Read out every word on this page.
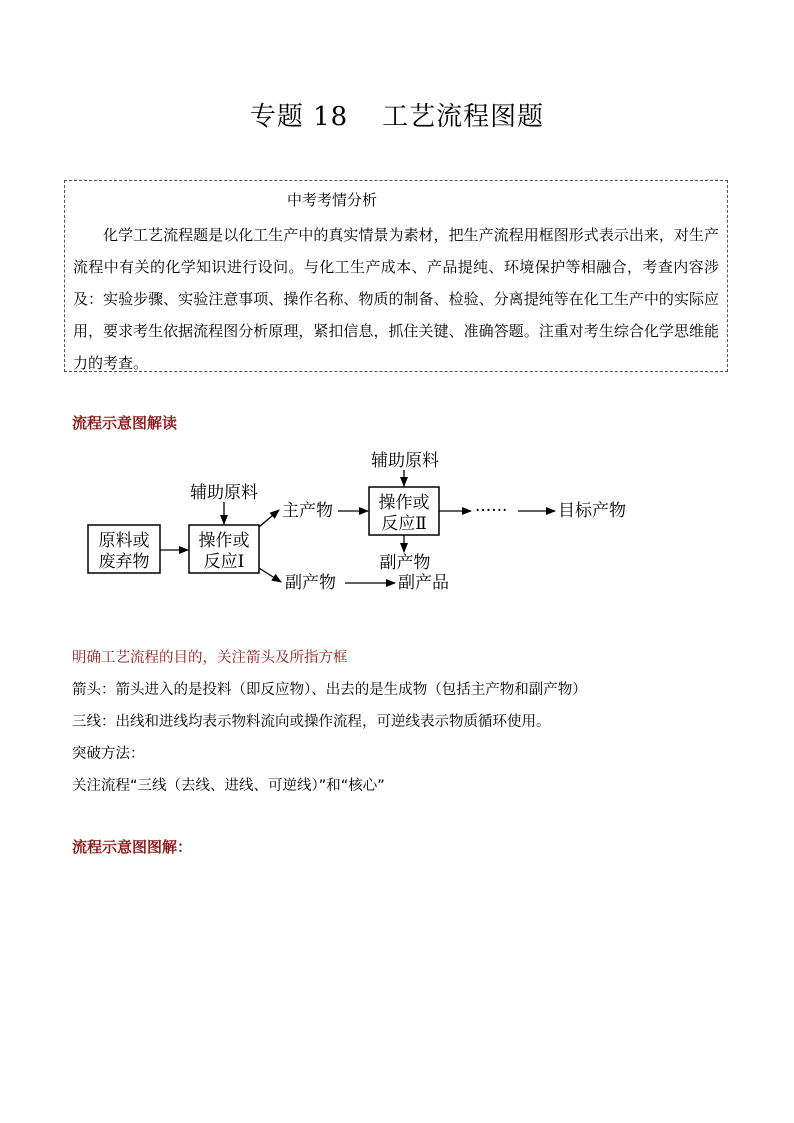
专题 18 工艺流程图题
中考考情分析
化学工艺流程题是以化工生产中的真实情景为素材，把生产流程用框图形式表示出来，对生产流程中有关的化学知识进行设问。与化工生产成本、产品提纯、环境保护等相融合，考查内容涉及：实验步骤、实验注意事项、操作名称、物质的制备、检验、分离提纯等在化工生产中的实际应用，要求考生依据流程图分析原理，紧扣信息，抓住关键、准确答题。注重对考生综合化学思维能力的考查。
流程示意图解读
原料或
废弃物
辅助原料
操作或
反应Ⅰ
主产物
辅助原料
操作或
反应Ⅱ
······	目标产物
副产物
副产物	副产品
明确工艺流程的目的，关注箭头及所指方框
箭头：箭头进入的是投料（即反应物）、出去的是生成物（包括主产物和副产物）
三线：出线和进线均表示物料流向或操作流程，可逆线表示物质循环使用。
突破方法：
关注流程“三线（去线、进线、可逆线）”和“核心”
流程示意图图解：
